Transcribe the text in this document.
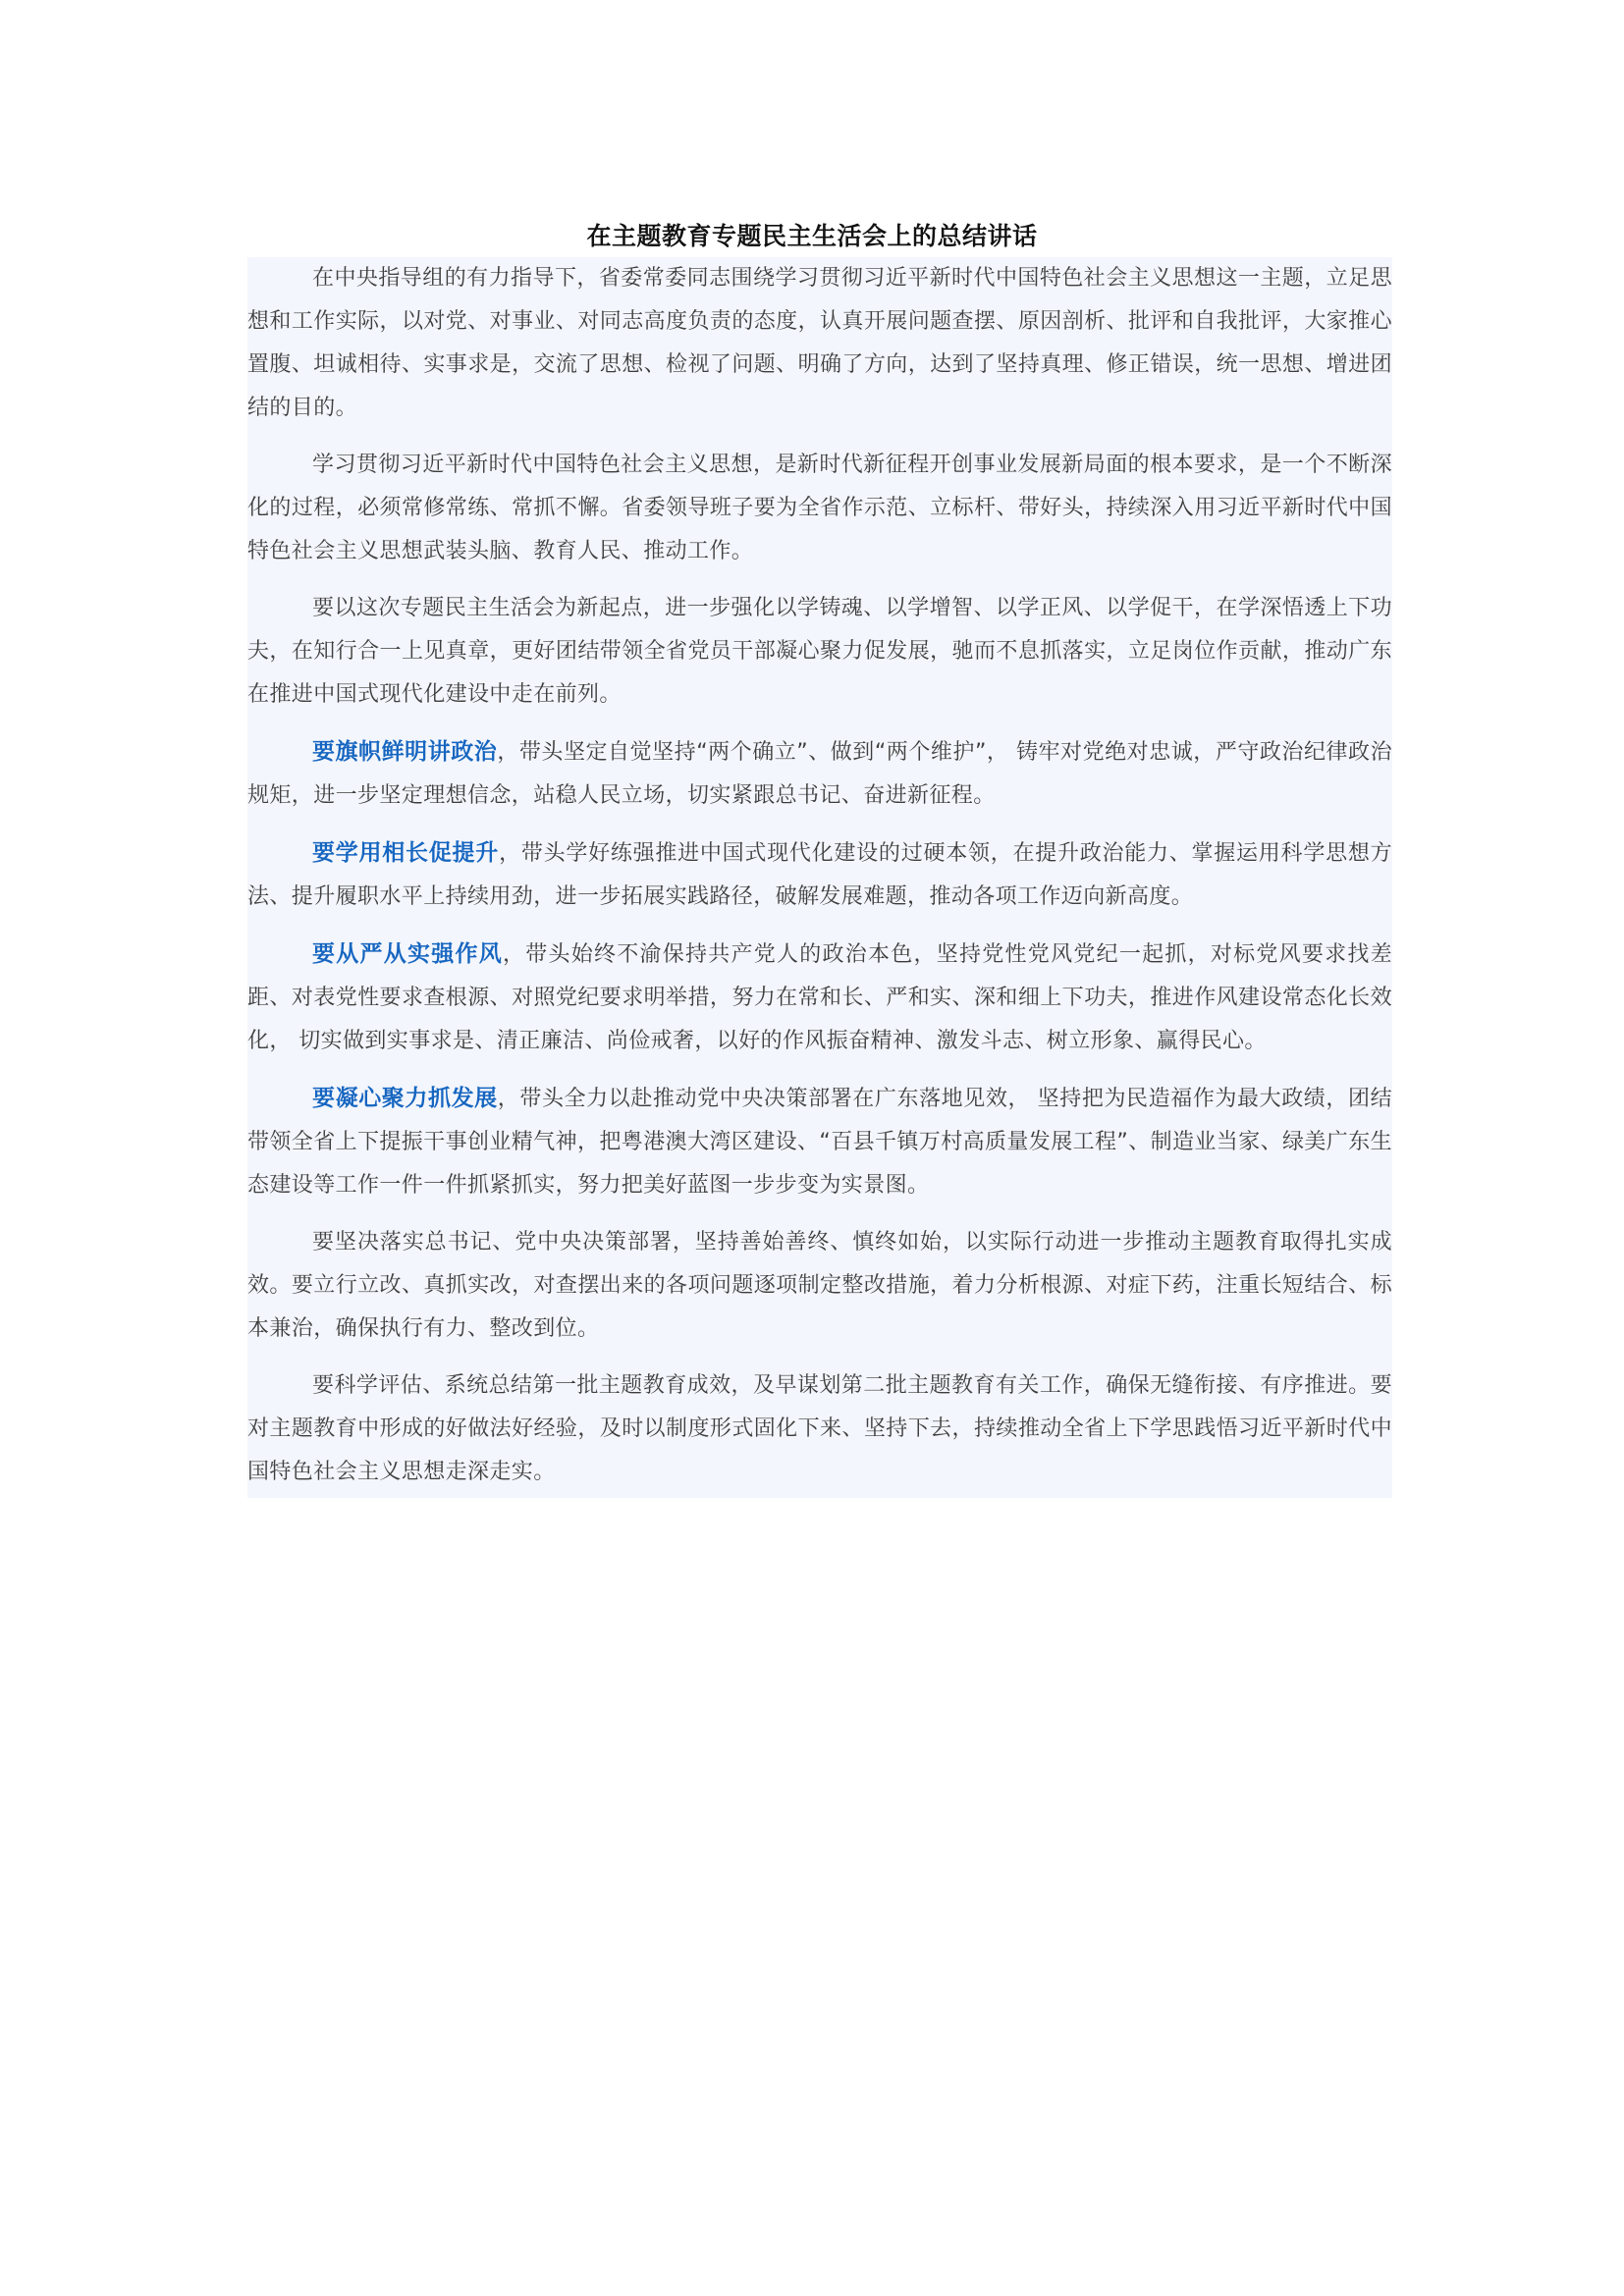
在主题教育专题民主生活会上的总结讲话

在中央指导组的有力指导下，省委常委同志围绕学习贯彻习近平新时代中国特色社会主义思想这一主题，立足思想和工作实际，以对党、对事业、对同志高度负责的态度，认真开展问题查摆、原因剖析、批评和自我批评，大家推心置腹、坦诚相待、实事求是，交流了思想、检视了问题、明确了方向，达到了坚持真理、修正错误，统一思想、增进团结的目的。

学习贯彻习近平新时代中国特色社会主义思想，是新时代新征程开创事业发展新局面的根本要求，是一个不断深化的过程，必须常修常练、常抓不懈。省委领导班子要为全省作示范、立标杆、带好头，持续深入用习近平新时代中国特色社会主义思想武装头脑、教育人民、推动工作。

要以这次专题民主生活会为新起点，进一步强化以学铸魂、以学增智、以学正风、以学促干，在学深悟透上下功夫，在知行合一上见真章，更好团结带领全省党员干部凝心聚力促发展，驰而不息抓落实，立足岗位作贡献，推动广东在推进中国式现代化建设中走在前列。

要旗帜鲜明讲政治，带头坚定自觉坚持“两个确立”、做到“两个维护”， 铸牢对党绝对忠诚，严守政治纪律政治规矩，进一步坚定理想信念，站稳人民立场，切实紧跟总书记、奋进新征程。

要学用相长促提升，带头学好练强推进中国式现代化建设的过硬本领，在提升政治能力、掌握运用科学思想方法、提升履职水平上持续用劲，进一步拓展实践路径，破解发展难题，推动各项工作迈向新高度。

要从严从实强作风，带头始终不渝保持共产党人的政治本色，坚持党性党风党纪一起抓，对标党风要求找差距、对表党性要求查根源、对照党纪要求明举措，努力在常和长、严和实、深和细上下功夫，推进作风建设常态化长效化， 切实做到实事求是、清正廉洁、尚俭戒奢，以好的作风振奋精神、激发斗志、树立形象、赢得民心。

要凝心聚力抓发展，带头全力以赴推动党中央决策部署在广东落地见效， 坚持把为民造福作为最大政绩，团结带领全省上下提振干事创业精气神，把粤港澳大湾区建设、“百县千镇万村高质量发展工程”、制造业当家、绿美广东生态建设等工作一件一件抓紧抓实，努力把美好蓝图一步步变为实景图。

要坚决落实总书记、党中央决策部署，坚持善始善终、慎终如始，以实际行动进一步推动主题教育取得扎实成效。要立行立改、真抓实改，对查摆出来的各项问题逐项制定整改措施，着力分析根源、对症下药，注重长短结合、标本兼治，确保执行有力、整改到位。

要科学评估、系统总结第一批主题教育成效，及早谋划第二批主题教育有关工作，确保无缝衔接、有序推进。要对主题教育中形成的好做法好经验，及时以制度形式固化下来、坚持下去，持续推动全省上下学思践悟习近平新时代中国特色社会主义思想走深走实。
